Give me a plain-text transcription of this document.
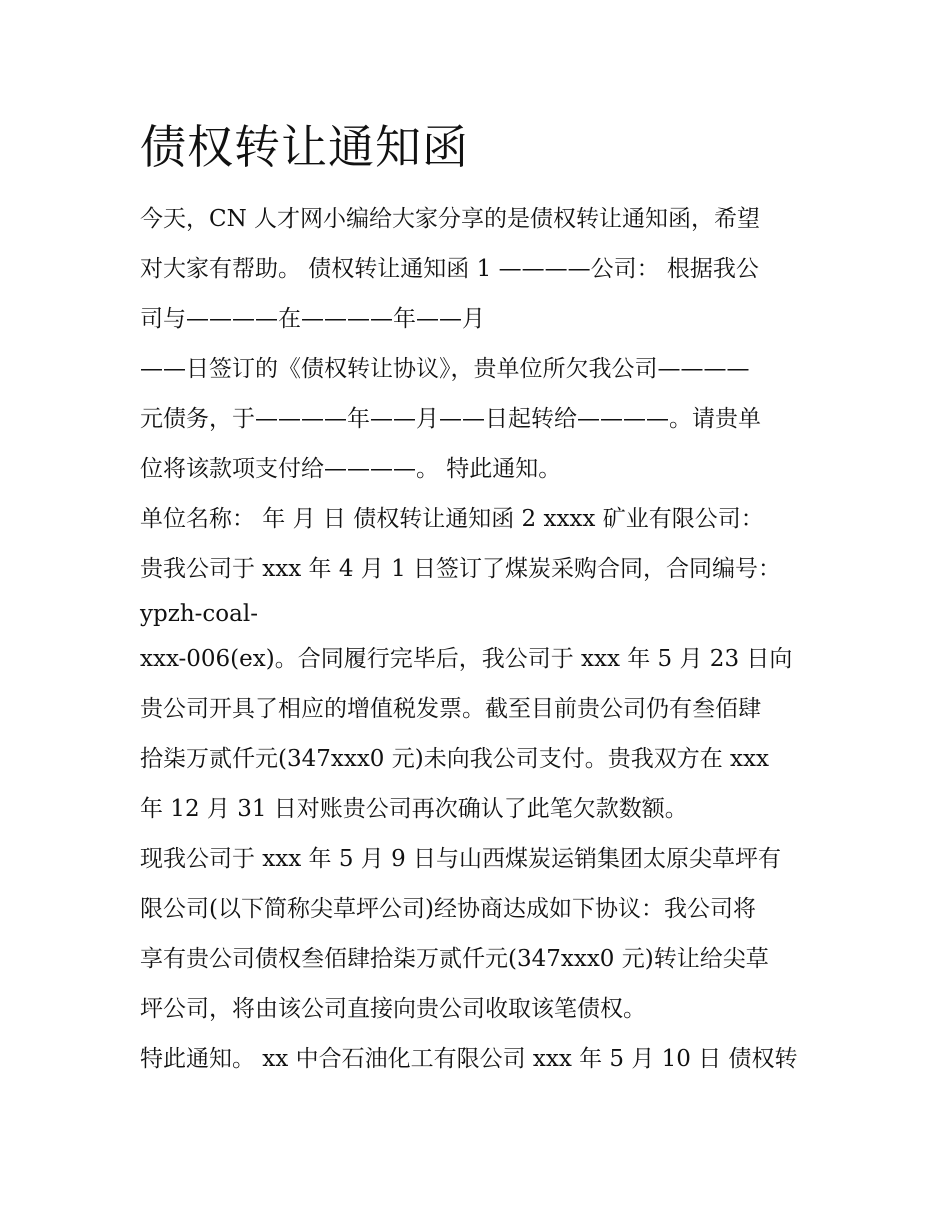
债权转让通知函
今天，CN 人才网小编给大家分享的是债权转让通知函，希望
对大家有帮助。 债权转让通知函 1 ————公司： 根据我公
司与————在————年——月
——日签订的《债权转让协议》，贵单位所欠我公司————
元债务，于————年——月——日起转给————。请贵单
位将该款项支付给————。 特此通知。
单位名称： 年 月 日 债权转让通知函 2 xxxx 矿业有限公司：
贵我公司于 xxx 年 4 月 1 日签订了煤炭采购合同，合同编号：
ypzh-coal-
xxx-006(ex)。合同履行完毕后，我公司于 xxx 年 5 月 23 日向
贵公司开具了相应的增值税发票。截至目前贵公司仍有叁佰肆
拾柒万贰仟元(347xxx0 元)未向我公司支付。贵我双方在 xxx
年 12 月 31 日对账贵公司再次确认了此笔欠款数额。
现我公司于 xxx 年 5 月 9 日与山西煤炭运销集团太原尖草坪有
限公司(以下简称尖草坪公司)经协商达成如下协议：我公司将
享有贵公司债权叁佰肆拾柒万贰仟元(347xxx0 元)转让给尖草
坪公司，将由该公司直接向贵公司收取该笔债权。
特此通知。 xx 中合石油化工有限公司 xxx 年 5 月 10 日 债权转
